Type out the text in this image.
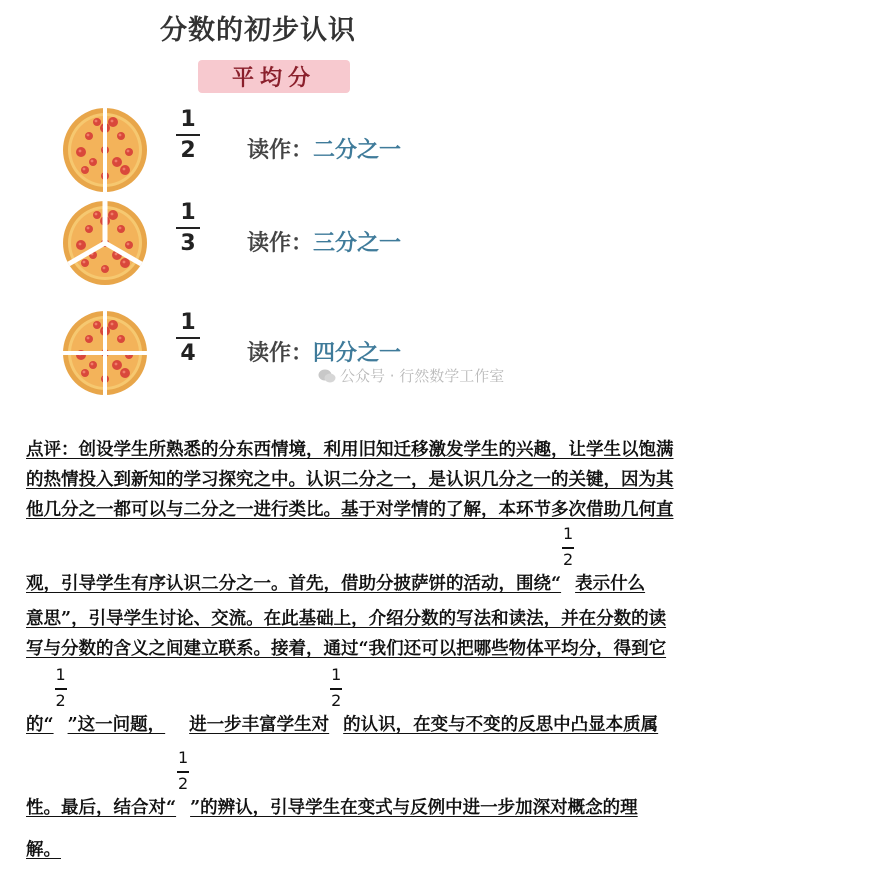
分数的初步认识
平均分
1
2 读作：二分之一
1
3 读作：三分之一
1
4 读作：四分之一
公众号 · 行然数学工作室
点评：创设学生所熟悉的分东西情境，利用旧知迁移激发学生的兴趣，让学生以饱满
的热情投入到新知的学习探究之中。认识二分之一，是认识几分之一的关键，因为其
他几分之一都可以与二分之一进行类比。基于对学情的了解，本环节多次借助几何直
观，引导学生有序认识二分之一。首先，借助分披萨饼的活动，围绕“ $\frac{1}{2}$ 表示什么
意思”，引导学生讨论、交流。在此基础上，介绍分数的写法和读法，并在分数的读
写与分数的含义之间建立联系。接着，通过“我们还可以把哪些物体平均分，得到它
的“ $\frac{1}{2}$ ”这一问题， 进一步丰富学生对 $\frac{1}{2}$ 的认识，在变与不变的反思中凸显本质属
性。最后，结合对“ $\frac{1}{2}$ ”的辨认，引导学生在变式与反例中进一步加深对概念的理
解。
